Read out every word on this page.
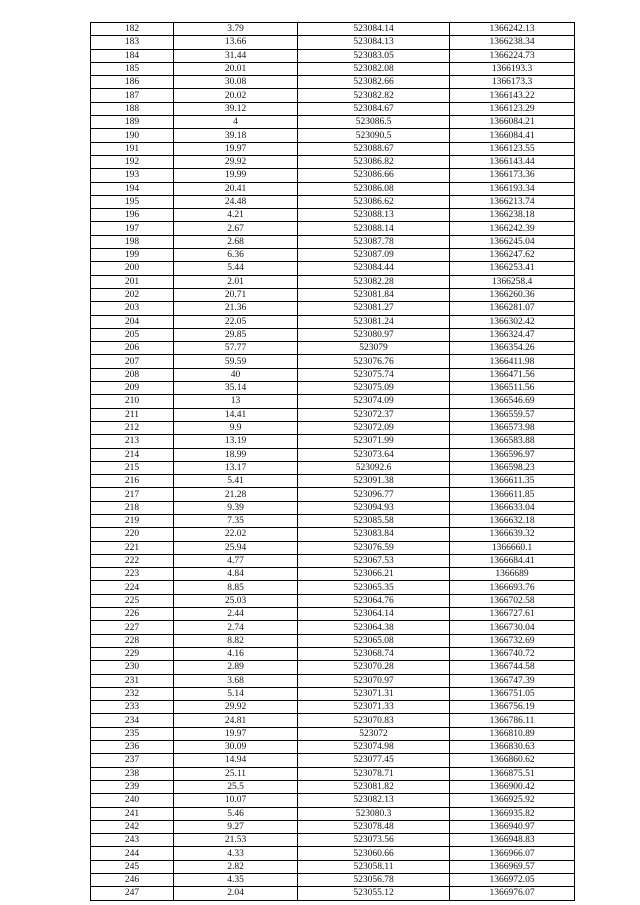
182	3.79	523084.14	1366242.13
183	13.66	523084.13	1366238.34
184	31.44	523083.05	1366224.73
185	20.01	523082.08	1366193.3
186	30.08	523082.66	1366173.3
187	20.02	523082.82	1366143.22
188	39.12	523084.67	1366123.29
189	4	523086.5	1366084.21
190	39.18	523090.5	1366084.41
191	19.97	523088.67	1366123.55
192	29.92	523086.82	1366143.44
193	19.99	523086.66	1366173.36
194	20.41	523086.08	1366193.34
195	24.48	523086.62	1366213.74
196	4.21	523088.13	1366238.18
197	2.67	523088.14	1366242.39
198	2.68	523087.78	1366245.04
199	6.36	523087.09	1366247.62
200	5.44	523084.44	1366253.41
201	2.01	523082.28	1366258.4
202	20.71	523081.84	1366260.36
203	21.36	523081.27	1366281.07
204	22.05	523081.24	1366302.42
205	29.85	523080.97	1366324.47
206	57.77	523079	1366354.26
207	59.59	523076.76	1366411.98
208	40	523075.74	1366471.56
209	35.14	523075.09	1366511.56
210	13	523074.09	1366546.69
211	14.41	523072.37	1366559.57
212	9.9	523072.09	1366573.98
213	13.19	523071.99	1366583.88
214	18.99	523073.64	1366596.97
215	13.17	523092.6	1366598.23
216	5.41	523091.38	1366611.35
217	21.28	523096.77	1366611.85
218	9.39	523094.93	1366633.04
219	7.35	523085.58	1366632.18
220	22.02	523083.84	1366639.32
221	25.94	523076.59	1366660.1
222	4.77	523067.53	1366684.41
223	4.84	523066.21	1366689
224	8.85	523065.35	1366693.76
225	25.03	523064.76	1366702.58
226	2.44	523064.14	1366727.61
227	2.74	523064.38	1366730.04
228	8.82	523065.08	1366732.69
229	4.16	523068.74	1366740.72
230	2.89	523070.28	1366744.58
231	3.68	523070.97	1366747.39
232	5.14	523071.31	1366751.05
233	29.92	523071.33	1366756.19
234	24.81	523070.83	1366786.11
235	19.97	523072	1366810.89
236	30.09	523074.98	1366830.63
237	14.94	523077.45	1366860.62
238	25.11	523078.71	1366875.51
239	25.5	523081.82	1366900.42
240	10.07	523082.13	1366925.92
241	5.46	523080.3	1366935.82
242	9.27	523078.48	1366940.97
243	21.53	523073.56	1366948.83
244	4.33	523060.66	1366966.07
245	2.82	523058.11	1366969.57
246	4.35	523056.78	1366972.05
247	2.04	523055.12	1366976.07
